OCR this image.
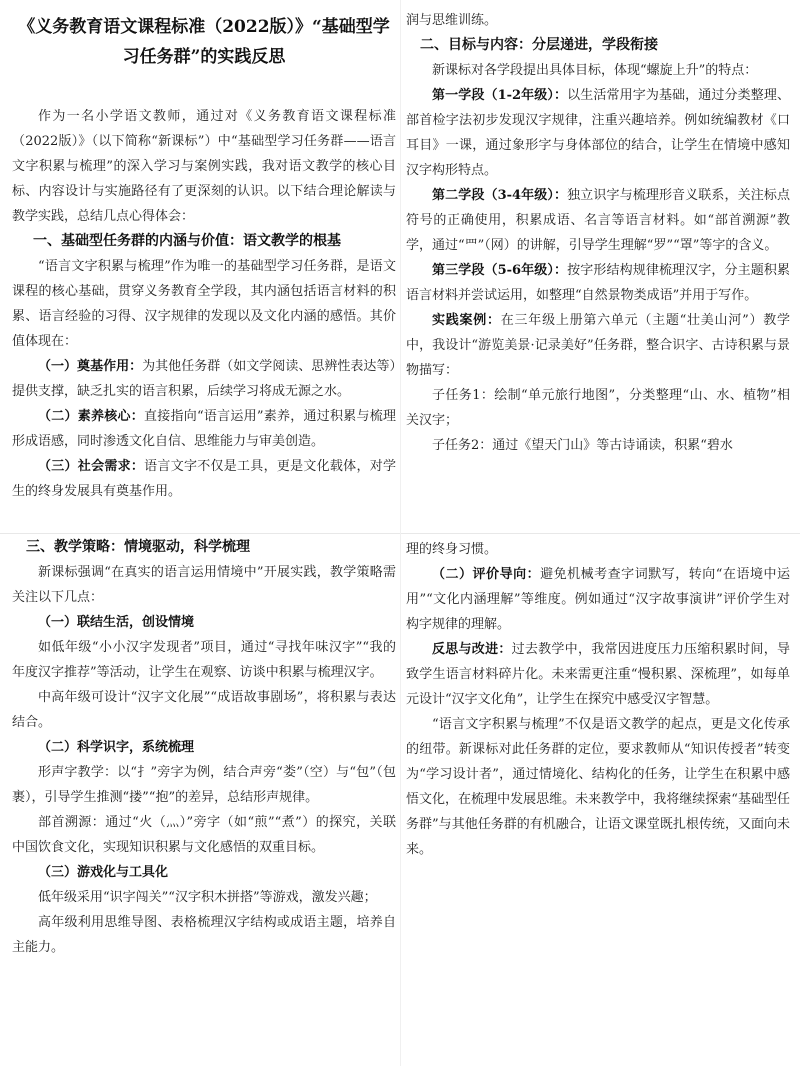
《义务教育语文课程标准（2022版）》“基础型学习任务群”的实践反思

作为一名小学语文教师，通过对《义务教育语文课程标准（2022版）》（以下简称“新课标”）中“基础型学习任务群——语言文字积累与梳理”的深入学习与案例实践，我对语文教学的核心目标、内容设计与实施路径有了更深刻的认识。以下结合理论解读与教学实践，总结几点心得体会：

一、基础型任务群的内涵与价值：语文教学的根基

“语言文字积累与梳理”作为唯一的基础型学习任务群，是语文课程的核心基础，贯穿义务教育全学段，其内涵包括语言材料的积累、语言经验的习得、汉字规律的发现以及文化内涵的感悟。其价值体现在：

（一）奠基作用：为其他任务群（如文学阅读、思辨性表达等）提供支撑，缺乏扎实的语言积累，后续学习将成无源之水。

（二）素养核心：直接指向“语言运用”素养，通过积累与梳理形成语感，同时渗透文化自信、思维能力与审美创造。

（三）社会需求：语言文字不仅是工具，更是文化载体，对学生的终身发展具有奠基作用。

润与思维训练。

二、目标与内容：分层递进，学段衔接

新课标对各学段提出具体目标，体现“螺旋上升”的特点：

第一学段（1-2年级）：以生活常用字为基础，通过分类整理、部首检字法初步发现汉字规律，注重兴趣培养。例如统编教材《口耳目》一课，通过象形字与身体部位的结合，让学生在情境中感知汉字构形特点。

第二学段（3-4年级）：独立识字与梳理形音义联系，关注标点符号的正确使用，积累成语、名言等语言材料。如“部首溯源”教学，通过“罒”（网）的讲解，引导学生理解“罗”“罩”等字的含义。

第三学段（5-6年级）：按字形结构规律梳理汉字，分主题积累语言材料并尝试运用，如整理“自然景物类成语”并用于写作。

实践案例：在三年级上册第六单元（主题“壮美山河”）教学中，我设计“游览美景·记录美好”任务群，整合识字、古诗积累与景物描写：

子任务1：绘制“单元旅行地图”，分类整理“山、水、植物”相关汉字；

子任务2：通过《望天门山》等古诗诵读，积累“碧水

三、教学策略：情境驱动，科学梳理

新课标强调“在真实的语言运用情境中”开展实践，教学策略需关注以下几点：

（一）联结生活，创设情境

如低年级“小小汉字发现者”项目，通过“寻找年味汉字”“我的年度汉字推荐”等活动，让学生在观察、访谈中积累与梳理汉字。

中高年级可设计“汉字文化展”“成语故事剧场”，将积累与表达结合。

（二）科学识字，系统梳理

形声字教学：以“扌”旁字为例，结合声旁“娄”（空）与“包”（包裹），引导学生推测“搂”“抱”的差异，总结形声规律。

部首溯源：通过“火（灬）”旁字（如“煎”“煮”）的探究，关联中国饮食文化，实现知识积累与文化感悟的双重目标。

（三）游戏化与工具化

低年级采用“识字闯关”“汉字积木拼搭”等游戏，激发兴趣；

高年级利用思维导图、表格梳理汉字结构或成语主题，培养自主能力。

理的终身习惯。

（二）评价导向：避免机械考查字词默写，转向“在语境中运用”“文化内涵理解”等维度。例如通过“汉字故事演讲”评价学生对构字规律的理解。

反思与改进：过去教学中，我常因进度压力压缩积累时间，导致学生语言材料碎片化。未来需更注重“慢积累、深梳理”，如每单元设计“汉字文化角”，让学生在探究中感受汉字智慧。

“语言文字积累与梳理”不仅是语文教学的起点，更是文化传承的纽带。新课标对此任务群的定位，要求教师从“知识传授者”转变为“学习设计者”，通过情境化、结构化的任务，让学生在积累中感悟文化，在梳理中发展思维。未来教学中，我将继续探索“基础型任务群”与其他任务群的有机融合，让语文课堂既扎根传统，又面向未来。
